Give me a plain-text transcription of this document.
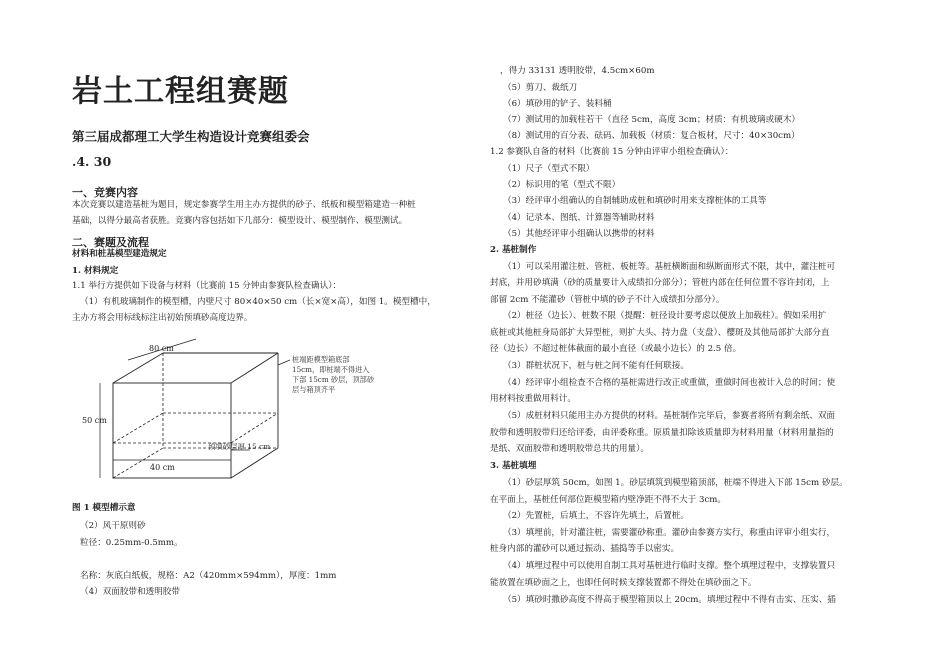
岩土工程组赛题
第三届成都理工大学生构造设计竞赛组委会
.4. 30
一、竞赛内容
本次竞赛以建造基桩为题目，规定参赛学生用主办方提供的砂子、纸板和模型箱建造一种桩
基础，以得分最高者获胜。竞赛内容包括如下几部分：模型设计、模型制作、模型测试。
二、赛题及流程
材料和桩基模型建造规定
1. 材料规定
1.1 举行方提供如下设备与材料（比赛前 15 分钟由参赛队检查确认）：
（1）有机玻璃制作的模型槽，内壁尺寸 80×40×50 cm（长×宽×高），如图 1。模型槽中，
主办方将会用标线标注出初始预填砂高度边界。
80 cm
50 cm
40 cm
桩端距模型箱底部
15cm，即桩端不得进入
下部 15cm 砂层，顶部砂
层与箱顶齐平
预填砂层厚 15 cm
图 1 模型槽示意
（2）风干原则砂
粒径：0.25mm-0.5mm。
名称：灰底白纸板，规格：A2（420mm×594mm），厚度：1mm
（4）双面胶带和透明胶带
，得力 33131 透明胶带，4.5cm×60m
（5）剪刀、裁纸刀
（6）填砂用的铲子、装料桶
（7）测试用的加载柱若干（直径 5cm，高度 3cm；材质：有机玻璃或硬木）
（8）测试用的百分表、砝码、加载板（材质：复合板材，尺寸：40×30cm）
1.2 参赛队自备的材料（比赛前 15 分钟由评审小组检查确认）：
（1）尺子（型式不限）
（2）标识用的笔（型式不限）
（3）经评审小组确认的自制辅助成桩和填砂时用来支撑桩体的工具等
（4）记录本、图纸、计算器等辅助材料
（5）其他经评审小组确认以携带的材料
2. 基桩制作
（1）可以采用灌注桩、管桩、板桩等。基桩横断面和纵断面形式不限，其中，灌注桩可
封底，并用砂填满（砂的质量要计入成绩扣分部分）；管桩内部在任何位置不容许封闭，上
部留 2cm 不能灌砂（管桩中填的砂子不计入成绩扣分部分）。
（2）桩径（边长）、桩数不限（提醒：桩径设计要考虑以便放上加载柱）。假如采用扩
底桩或其他桩身局部扩大异型桩，则扩大头、持力盘（支盘）、樱斑及其他局部扩大部分直
径（边长）不超过桩体截面的最小直径（或最小边长）的 2.5 倍。
（3）群桩状况下，桩与桩之间不能有任何联接。
（4）经评审小组检查不合格的基桩需进行改正或重做，重做时间也被计入总的时间；使
用材料按重做用料计。
（5）成桩材料只能用主办方提供的材料。基桩制作完毕后，参赛者将所有剩余纸、双面
胶带和透明胶带归还给评委，由评委称重。原质量扣除该质量即为材料用量（材料用量指的
是纸、双面胶带和透明胶带总共的用量）。
3. 基桩填埋
（1）砂层厚筑 50cm，如图 1。砂层填筑到模型箱顶部，桩端不得进入下部 15cm 砂层。
在平面上，基桩任何部位距模型箱内壁净距不得不大于 3cm。
（2）先置桩，后填土，不容许先填土，后置桩。
（3）填埋前，针对灌注桩，需要灌砂称重。灌砂由参赛方实行，称重由评审小组实行，
桩身内部的灌砂可以通过振动、插捣等手以密实。
（4）填埋过程中可以使用自制工具对基桩进行临时支撑。整个填埋过程中，支撑装置只
能放置在填砂面之上，也即任何时候支撑装置都不得处在填砂面之下。
（5）填砂时撒砂高度不得高于模型箱顶以上 20cm。填埋过程中不得有击实、压实、插
